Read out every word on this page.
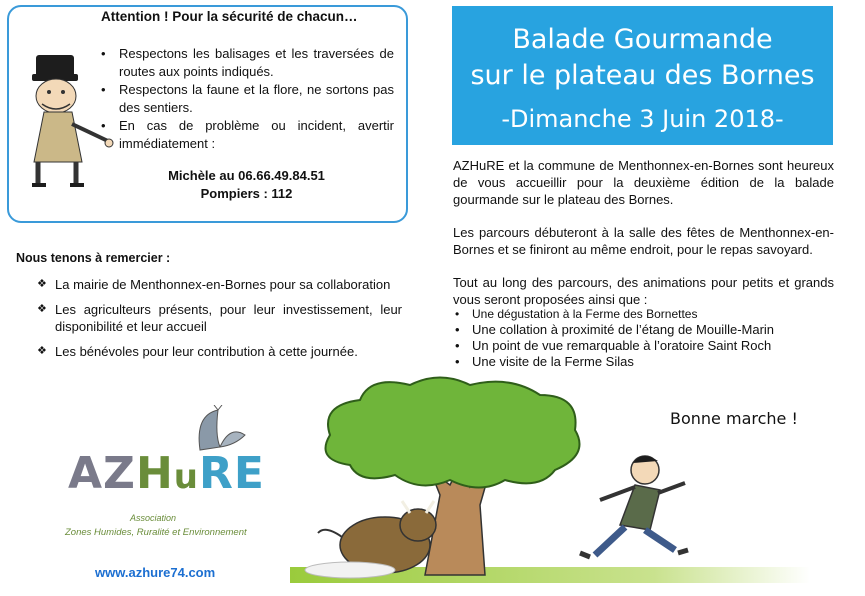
Attention ! Pour la sécurité de chacun…
• Respectons les balisages et les traversées de routes aux points indiqués.
• Respectons la faune et la flore, ne sortons pas des sentiers.
• En cas de problème ou incident, avertir immédiatement :
Michèle au 06.66.49.84.51
Pompiers : 112
Nous tenons à remercier :
❖ La mairie de Menthonnex-en-Bornes pour sa collaboration
❖ Les agriculteurs présents, pour leur investissement, leur disponibilité et leur accueil
❖ Les bénévoles pour leur contribution à cette journée.
AZHuRE
Association
Zones Humides, Ruralité et Environnement
www.azhure74.com
Balade Gourmande
sur le plateau des Bornes
-Dimanche 3 Juin 2018-
AZHuRE et la commune de Menthonnex-en-Bornes sont heureux de vous accueillir pour la deuxième édition de la balade gourmande sur le plateau des Bornes.
Les parcours débuteront à la salle des fêtes de Menthonnex-en-Bornes et se finiront au même endroit, pour le repas savoyard.
Tout au long des parcours, des animations pour petits et grands vous seront proposées ainsi que :
• Une dégustation à la Ferme des Bornettes
• Une collation à proximité de l’étang de Mouille-Marin
• Un point de vue remarquable à l’oratoire Saint Roch
• Une visite de la Ferme Silas
Bonne marche !
